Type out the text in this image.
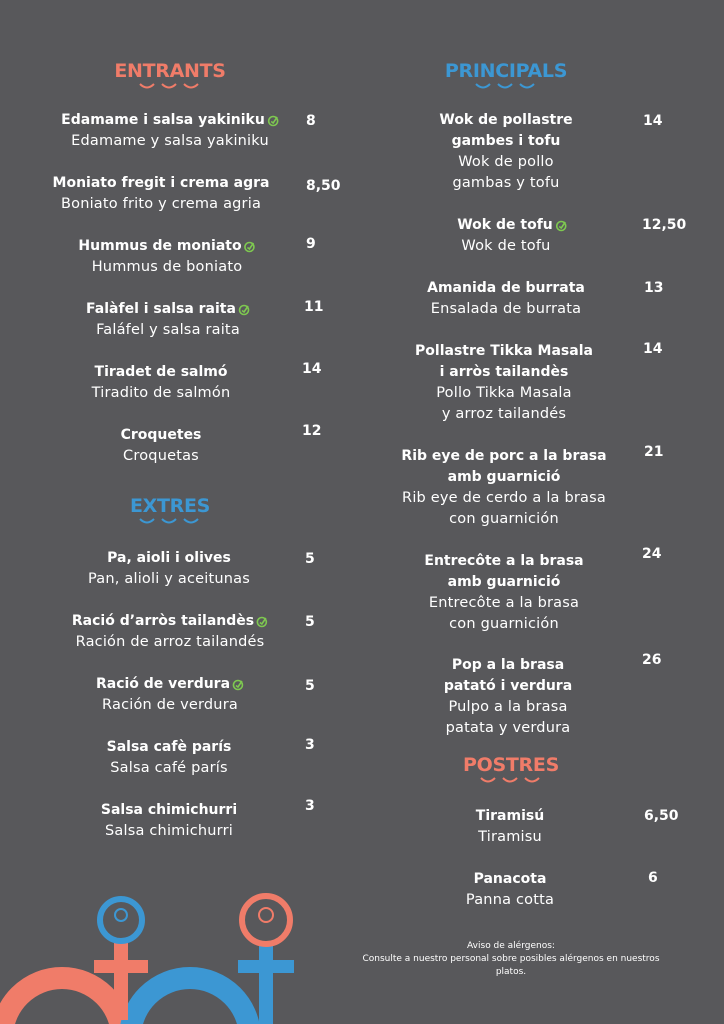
ENTRANTS	PRINCIPALS
EXTRES
POSTRES
Edamame i salsa yakiniku
Edamame y salsa yakiniku
8
Moniato fregit i crema agra
Boniato frito y crema agria
8,50
Hummus de moniato
Hummus de boniato
9
Falàfel i salsa raita
Faláfel y salsa raita
11
Tiradet de salmó
Tiradito de salmón
14
Croquetes
Croquetas
12
Pa, aioli i olives
Pan, alioli y aceitunas
5
Ració d’arròs tailandès
Ración de arroz tailandés
5
Ració de verdura
Ración de verdura
5
Salsa cafè parís
Salsa café parís
3
Salsa chimichurri
Salsa chimichurri
3
Wok de pollastre
gambes i tofu
Wok de pollo
gambas y tofu
14
Wok de tofu
Wok de tofu
12,50
Amanida de burrata
Ensalada de burrata
13
Pollastre Tikka Masala
i arròs tailandès
Pollo Tikka Masala
y arroz tailandés
14
Rib eye de porc a la brasa
amb guarnició
Rib eye de cerdo a la brasa
con guarnición
21
Entrecôte a la brasa
amb guarnició
Entrecôte a la brasa
con guarnición
24
Pop a la brasa
patató i verdura
Pulpo a la brasa
patata y verdura
26
Tiramisú
Tiramisu
6,50
Panacota
Panna cotta
6
Aviso de alérgenos:
Consulte a nuestro personal sobre posibles alérgenos en nuestros
platos.
